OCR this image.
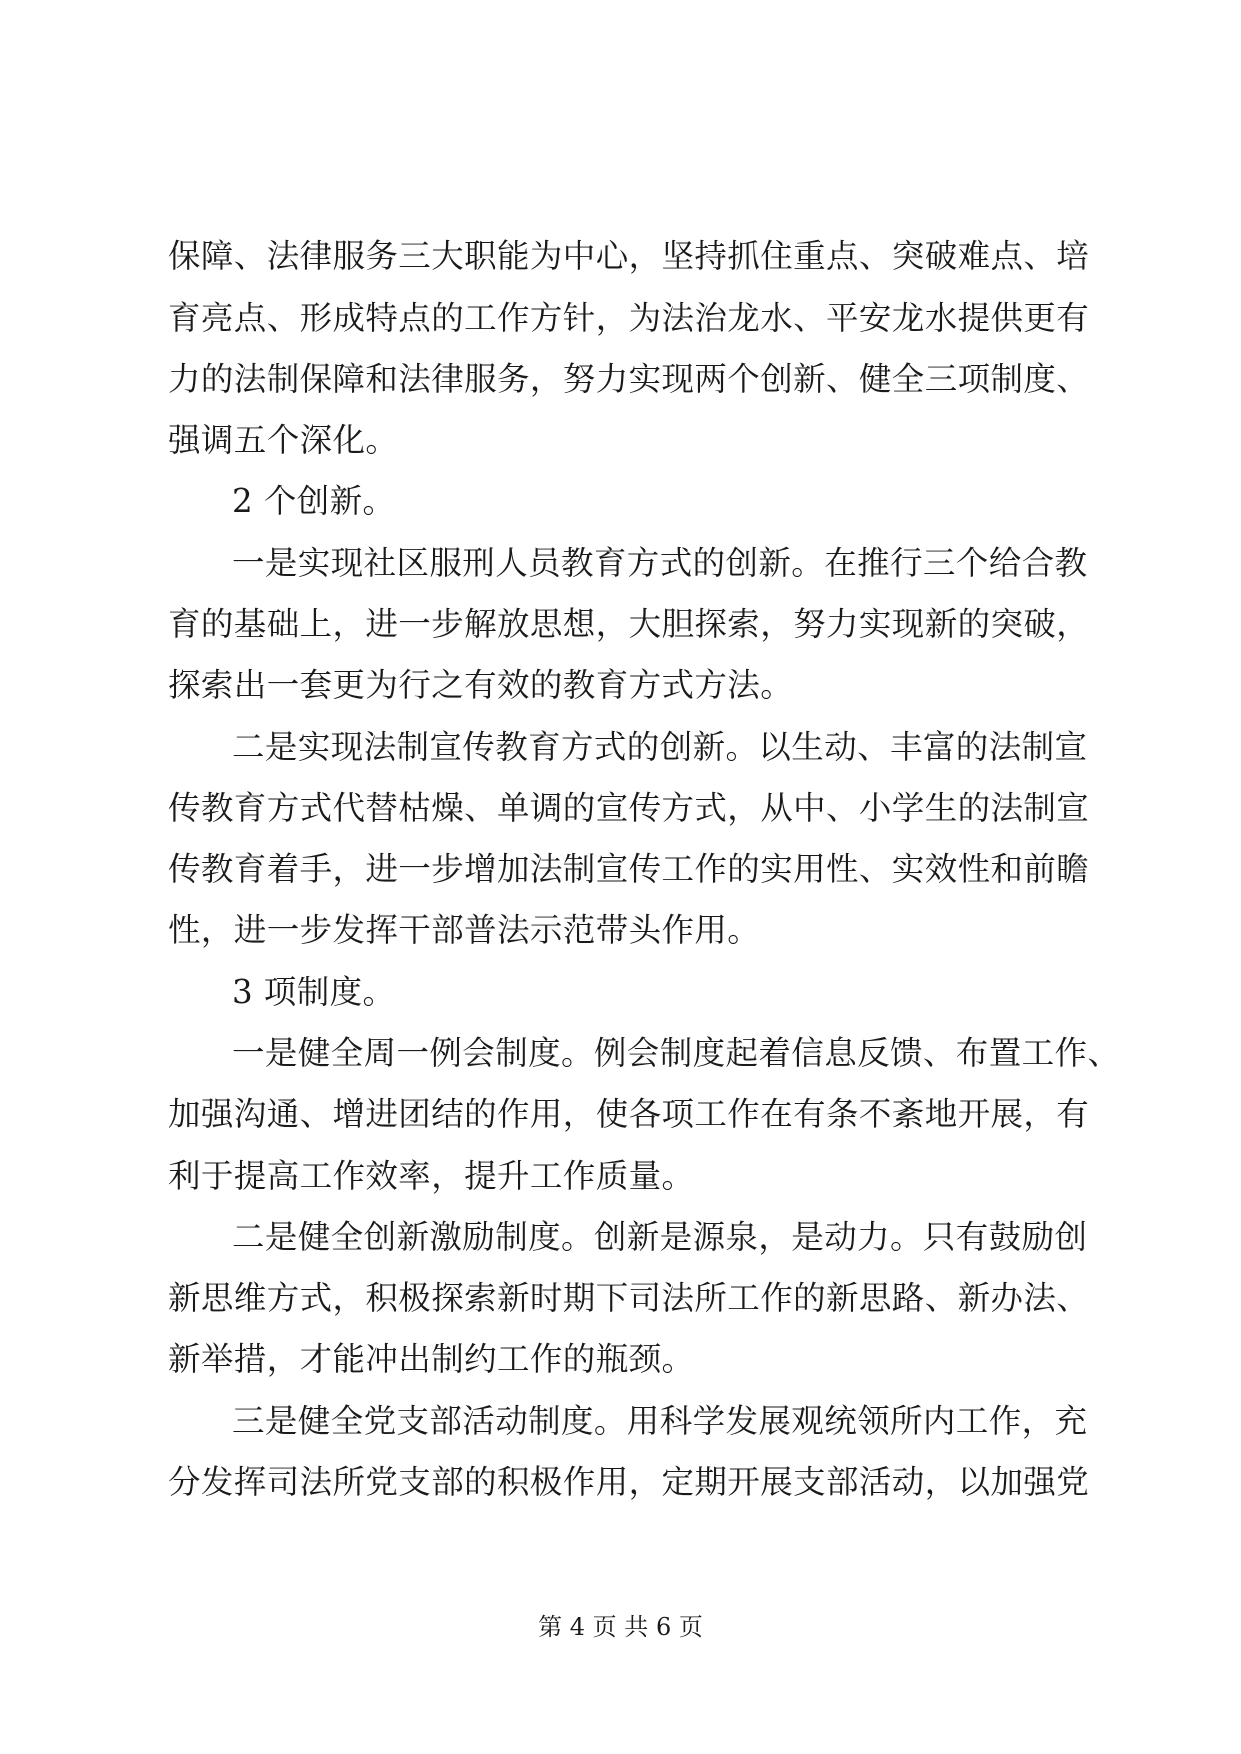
保障、法律服务三大职能为中心，坚持抓住重点、突破难点、培
育亮点、形成特点的工作方针，为法治龙水、平安龙水提供更有
力的法制保障和法律服务，努力实现两个创新、健全三项制度、
强调五个深化。
2 个创新。
一是实现社区服刑人员教育方式的创新。在推行三个给合教
育的基础上，进一步解放思想，大胆探索，努力实现新的突破，
探索出一套更为行之有效的教育方式方法。
二是实现法制宣传教育方式的创新。以生动、丰富的法制宣
传教育方式代替枯燥、单调的宣传方式，从中、小学生的法制宣
传教育着手，进一步增加法制宣传工作的实用性、实效性和前瞻
性，进一步发挥干部普法示范带头作用。
3 项制度。
一是健全周一例会制度。例会制度起着信息反馈、布置工作、
加强沟通、增进团结的作用，使各项工作在有条不紊地开展，有
利于提高工作效率，提升工作质量。
二是健全创新激励制度。创新是源泉，是动力。只有鼓励创
新思维方式，积极探索新时期下司法所工作的新思路、新办法、
新举措，才能冲出制约工作的瓶颈。
三是健全党支部活动制度。用科学发展观统领所内工作，充
分发挥司法所党支部的积极作用，定期开展支部活动，以加强党
第 4 页 共 6 页
